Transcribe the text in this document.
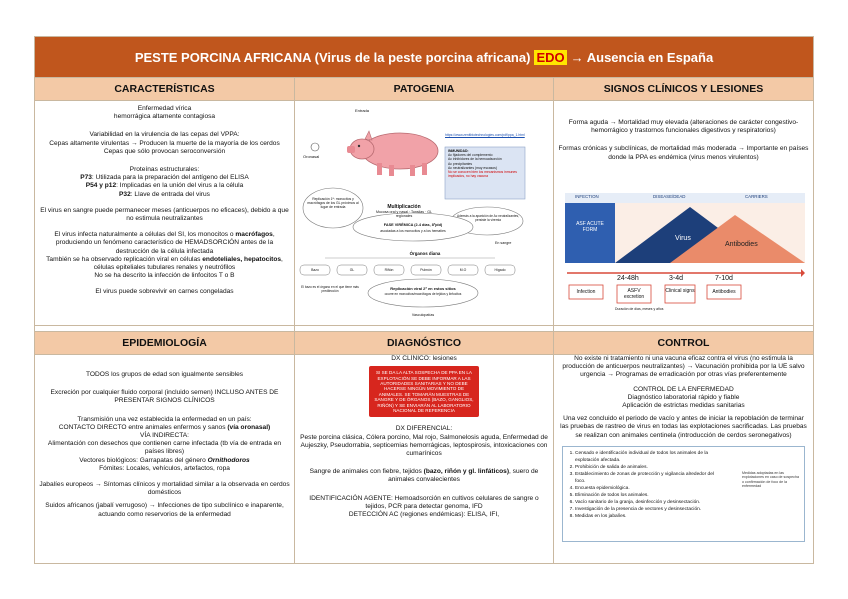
PESTE PORCINA AFRICANA (Virus de la peste porcina africana) EDO → Ausencia en España
CARACTERÍSTICAS	PATOGENIA	SIGNOS CLÍNICOS Y LESIONES
EPIDEMIOLOGÍA	DIAGNÓSTICO	CONTROL

Enfermedad vírica
hemorrágica altamente contagiosa

Variabilidad en la virulencia de las cepas del VPPA:
Cepas altamente virulentas → Producen la muerte de la mayoría de los cerdos
Cepas que sólo provocan seroconversión

Proteínas estructurales:
P73: Utilizada para la preparación del antígeno del ELISA
P54 y p12: Implicadas en la unión del virus a la célula
P32: Llave de entrada del virus

El virus en sangre puede permanecer meses (anticuerpos no eficaces), debido a que no estimula neutralizantes

El virus infecta naturalmente a células del SI, los monocitos o macrófagos, produciendo un fenómeno característico de HEMADSORCIÓN antes de la destrucción de la célula infectada
También se ha observado replicación viral en células endoteliales, hepatocitos, células epiteliales tubulares renales y neutrófilos
No se ha descrito la infección de linfocitos T o B

El virus puede sobrevivir en carnes congeladas

Entrada
Oronasal
https://www.zenitbiotechnologies.com/pdf/ppa_1.html
INMUNIDAD:
Ac fijadores del complemento
Ac inhibidores de la hemoadsorción
Ac precipitantes
Ac neutralizantes (muy escasos)
No se conocen bien los mecanismos inmunes implicados, no hay vacuna
Replicación 1ª: monocitos y macrófagos de los GL próximos al lugar de entrada	Multiplicación
Mucosa oral y nasal · Tonsilas · GL regionales	Además a la aparición de Ac neutralizantes, persiste la viremia
FASE VIRÉMICA (2-4 días, 8ºpid)
asociadas a los monocitos y a los hematíes
En sangre
Órganos diana
Bazo	GL	Riñón	Pulmón	M.O	Hígado
El bazo es el órgano en el que tiene más predilección	Replicación viral 2ª en estos sitios
ocurre en monocitos/macrófagos de tejidos y linfocitos
Vasculopatías

Forma aguda → Mortalidad muy elevada (alteraciones de carácter congestivo-hemorrágico y trastornos funcionales digestivos y respiratorios)

Formas crónicas y subclínicas, de mortalidad más moderada → Importante en países donde la PPA es endémica (virus menos virulentos)

INFECTION	DISEASE/DEAD	CARRIERS
ASF ACUTE FORM
Virus
Antibodies
24-48h	3-4d	7-10d
Infection	ASFV excretion
Clinical signs	Antibodies
Duración de días, meses y años

TODOS los grupos de edad son igualmente sensibles

Excreción por cualquier fluido corporal (incluido semen) INCLUSO ANTES DE PRESENTAR SIGNOS CLÍNICOS

Transmisión una vez establecida la enfermedad en un país:
CONTACTO DIRECTO entre animales enfermos y sanos (vía oronasal)
VÍA INDIRECTA:
Alimentación con desechos que contienen carne infectada (tb vía de entrada en países libres)
Vectores biológicos: Garrapatas del género Ornithodoros
Fómites: Locales, vehículos, artefactos, ropa

Jabalíes europeos → Síntomas clínicos y mortalidad similar a la observada en cerdos domésticos

Suidos africanos (jabalí verrugoso) → Infecciones de tipo subclínico e inaparente, actuando como reservorios de la enfermedad

DX CLÍNICO: lesiones

SI SE DA LA ALTA SOSPECHA DE PPA EN LA EXPLOTACIÓN SE DEBE INFORMAR A LAS AUTORIDADES SANITARIAS Y NO DEBE HACERSE NINGÚN MOVIMIENTO DE ANIMALES. SE TOMARÁN MUESTRAS DE SANGRE Y DE ÓRGANOS (BAZO, GANGLIOS, RIÑÓN) Y SE ENVIARÁN AL LABORATORIO NACIONAL DE REFERENCIA

DX DIFERENCIAL:
Peste porcina clásica, Cólera porcino, Mal rojo, Salmonelosis aguda, Enfermedad de Aujeszky, Pseudorrabia, septicemias hemorrágicas, leptospirosis, intoxicaciones con cumarínicos

Sangre de animales con fiebre, tejidos (bazo, riñón y gl. linfáticos), suero de animales convalecientes

IDENTIFICACIÓN AGENTE: Hemoadsorción en cultivos celulares de sangre o tejidos, PCR para detectar genoma, IFD
DETECCIÓN AC (regiones endémicas): ELISA, IFI,

No existe ni tratamiento ni una vacuna eficaz contra el virus (no estimula la producción de anticuerpos neutralizantes) → Vacunación prohibida por la UE salvo urgencia → Programas de erradicación por otras vías preferentemente

CONTROL DE LA ENFERMEDAD
Diagnóstico laboratorial rápido y fiable
Aplicación de estrictas medidas sanitarias

Una vez concluido el periodo de vacío y antes de iniciar la repoblación de terminar las pruebas de rastreo de virus en todas las explotaciones sacrificadas. Las pruebas se realizan con animales centinela (introducción de cerdos seronegativos)

1. Censado e identificación individual de todos los animales de la explotación afectada.
2. Prohibición de salida de animales.
3. Establecimiento de zonas de protección y vigilancia alrededor del foco.
4. Encuesta epidemiológica.
5. Eliminación de todos los animales.
6. Vacío sanitario de la granja, desinfección y desinsectación.
7. Investigación de la presencia de vectores y desinsectación.
8. Medidas en los jabalíes.
Medidas adoptadas en las explotaciones en caso de sospecha o confirmación de foco de la enfermedad
